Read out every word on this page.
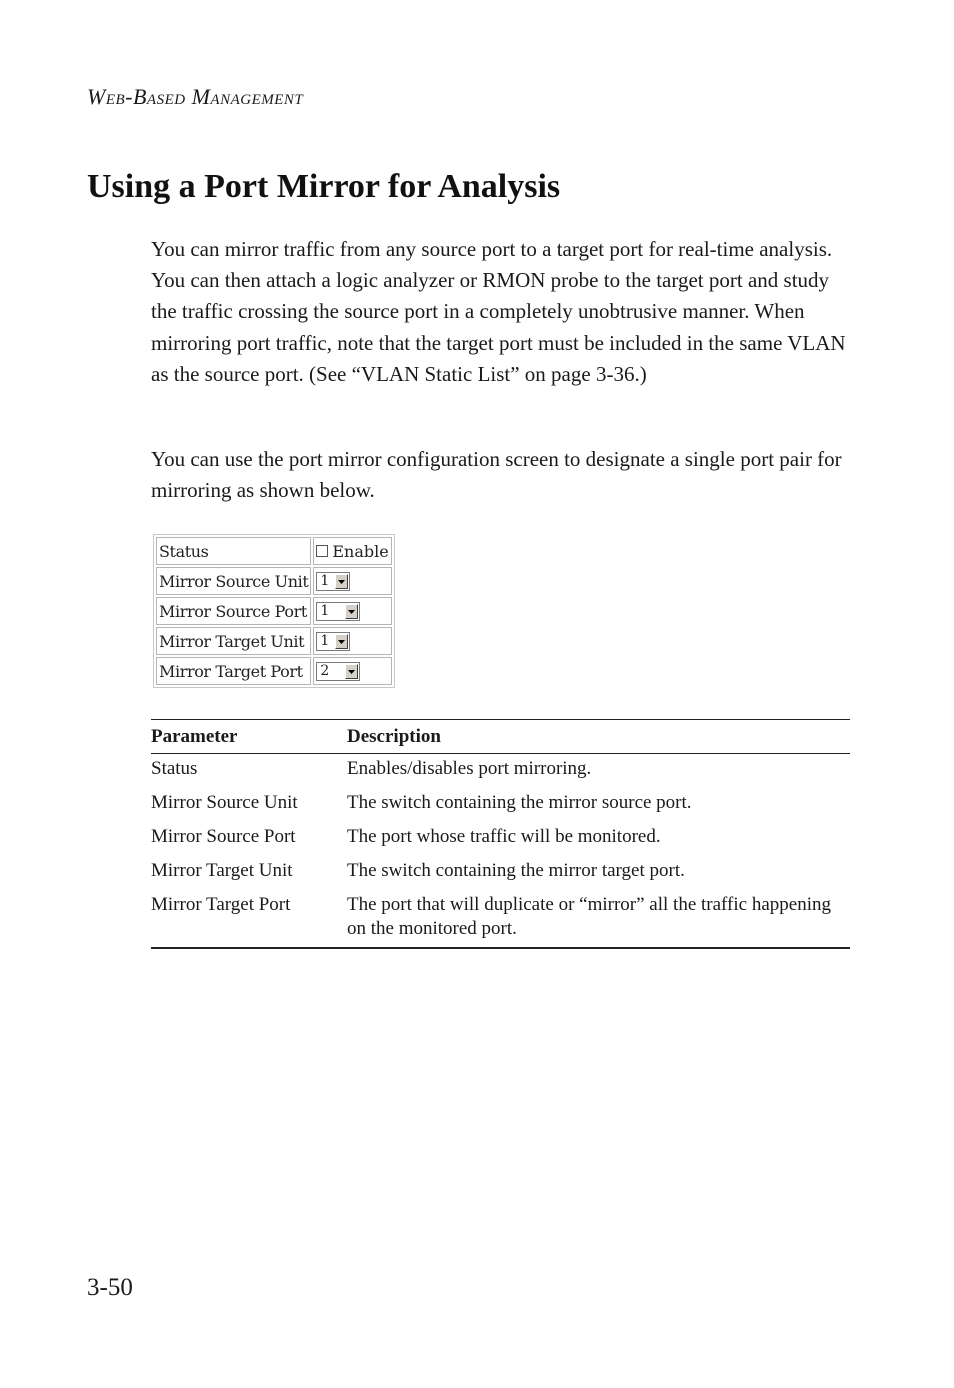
Web-Based Management
Using a Port Mirror for Analysis

You can mirror traffic from any source port to a target port for real-time analysis. You can then attach a logic analyzer or RMON probe to the target port and study the traffic crossing the source port in a completely unobtrusive manner. When mirroring port traffic, note that the target port must be included in the same VLAN as the source port. (See “VLAN Static List” on page 3-36.)

You can use the port mirror configuration screen to designate a single port pair for mirroring as shown below.

Status	Enable
Mirror Source Unit	1

Mirror Source Port	1

Mirror Target Unit	1

Mirror Target Port	2
Parameter	Description
Status	Enables/disables port mirroring.
Mirror Source Unit	The switch containing the mirror source port.
Mirror Source Port	The port whose traffic will be monitored.
Mirror Target Unit	The switch containing the mirror target port.
Mirror Target Port	The port that will duplicate or “mirror” all the traffic happening on the monitored port.
3-50
